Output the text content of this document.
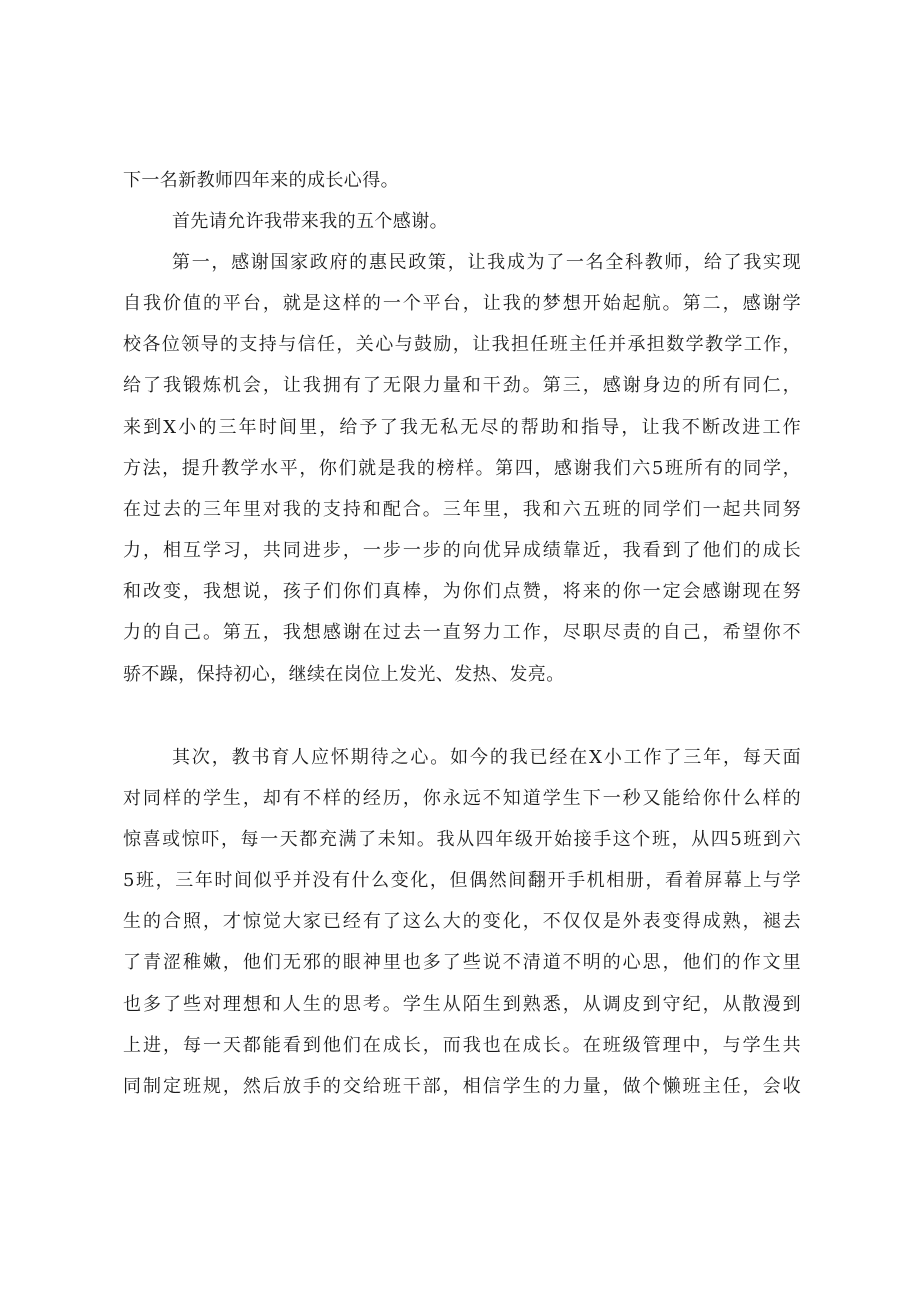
下一名新教师四年来的成长心得。

首先请允许我带来我的五个感谢。

第一，感谢国家政府的惠民政策，让我成为了一名全科教师，给了我实现

自我价值的平台，就是这样的一个平台，让我的梦想开始起航。第二，感谢学

校各位领导的支持与信任，关心与鼓励，让我担任班主任并承担数学教学工作，

给了我锻炼机会，让我拥有了无限力量和干劲。第三，感谢身边的所有同仁，

来到X小的三年时间里，给予了我无私无尽的帮助和指导，让我不断改进工作

方法，提升教学水平，你们就是我的榜样。第四，感谢我们六5班所有的同学，

在过去的三年里对我的支持和配合。三年里，我和六五班的同学们一起共同努

力，相互学习，共同进步，一步一步的向优异成绩靠近，我看到了他们的成长

和改变，我想说，孩子们你们真棒，为你们点赞，将来的你一定会感谢现在努

力的自己。第五，我想感谢在过去一直努力工作，尽职尽责的自己，希望你不

骄不躁，保持初心，继续在岗位上发光、发热、发亮。

其次，教书育人应怀期待之心。如今的我已经在X小工作了三年，每天面

对同样的学生，却有不样的经历，你永远不知道学生下一秒又能给你什么样的

惊喜或惊吓，每一天都充满了未知。我从四年级开始接手这个班，从四5班到六

5班，三年时间似乎并没有什么变化，但偶然间翻开手机相册，看着屏幕上与学

生的合照，才惊觉大家已经有了这么大的变化，不仅仅是外表变得成熟，褪去

了青涩稚嫩，他们无邪的眼神里也多了些说不清道不明的心思，他们的作文里

也多了些对理想和人生的思考。学生从陌生到熟悉，从调皮到守纪，从散漫到

上进，每一天都能看到他们在成长，而我也在成长。在班级管理中，与学生共

同制定班规，然后放手的交给班干部，相信学生的力量，做个懒班主任，会收
